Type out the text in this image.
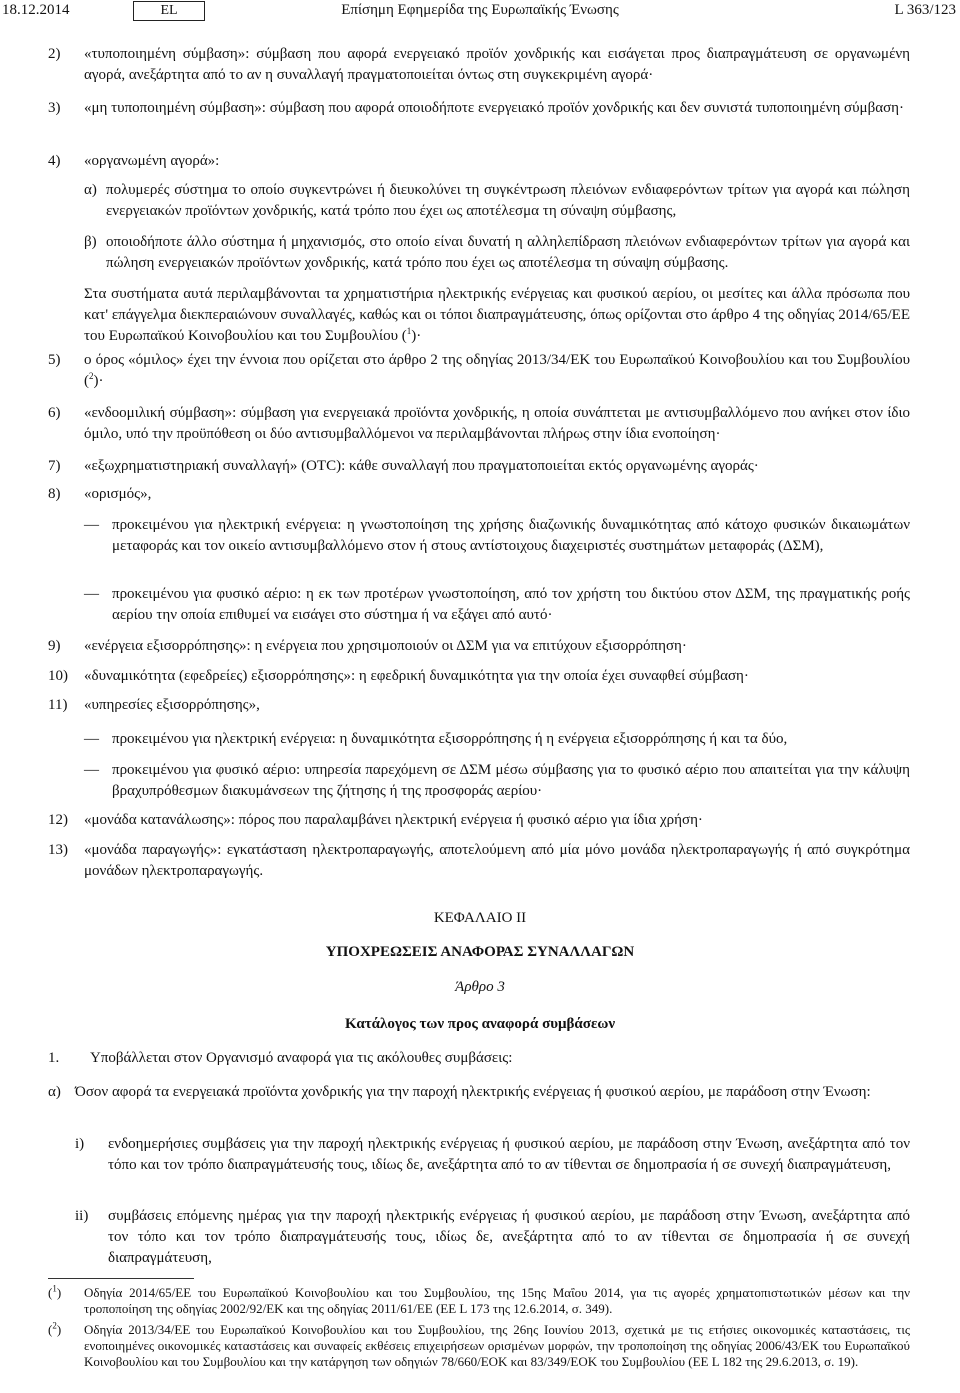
18.12.2014	Επίσημη Εφημερίδα της Ευρωπαϊκής Ένωσης
EL	L 363/123
2) «τυποποιημένη σύμβαση»: σύμβαση που αφορά ενεργειακό προϊόν χονδρικής και εισάγεται προς διαπραγμάτευση σε οργανωμένη αγορά, ανεξάρτητα από το αν η συναλλαγή πραγματοποιείται όντως στη συγκεκριμένη αγορά·
3) «μη τυποποιημένη σύμβαση»: σύμβαση που αφορά οποιοδήποτε ενεργειακό προϊόν χονδρικής και δεν συνιστά τυποποιημένη σύμβαση·
4) «οργανωμένη αγορά»:
α) πολυμερές σύστημα το οποίο συγκεντρώνει ή διευκολύνει τη συγκέντρωση πλειόνων ενδιαφερόντων τρίτων για αγορά και πώληση ενεργειακών προϊόντων χονδρικής, κατά τρόπο που έχει ως αποτέλεσμα τη σύναψη σύμβασης,
β) οποιοδήποτε άλλο σύστημα ή μηχανισμός, στο οποίο είναι δυνατή η αλληλεπίδραση πλειόνων ενδιαφερόντων τρίτων για αγορά και πώληση ενεργειακών προϊόντων χονδρικής, κατά τρόπο που έχει ως αποτέλεσμα τη σύναψη σύμβασης.
Στα συστήματα αυτά περιλαμβάνονται τα χρηματιστήρια ηλεκτρικής ενέργειας και φυσικού αερίου, οι μεσίτες και άλλα πρόσωπα που κατ' επάγγελμα διεκπεραιώνουν συναλλαγές, καθώς και οι τόποι διαπραγμάτευσης, όπως ορίζονται στο άρθρο 4 της οδηγίας 2014/65/ΕΕ του Ευρωπαϊκού Κοινοβουλίου και του Συμβουλίου ($^1$)·
5) ο όρος «όμιλος» έχει την έννοια που ορίζεται στο άρθρο 2 της οδηγίας 2013/34/ΕΚ του Ευρωπαϊκού Κοινοβουλίου και του Συμβουλίου ($^2$)·
6) «ενδοομιλική σύμβαση»: σύμβαση για ενεργειακά προϊόντα χονδρικής, η οποία συνάπτεται με αντισυμβαλλόμενο που ανήκει στον ίδιο όμιλο, υπό την προϋπόθεση οι δύο αντισυμβαλλόμενοι να περιλαμβάνονται πλήρως στην ίδια ενοποίηση·
7) «εξωχρηματιστηριακή συναλλαγή» (OTC): κάθε συναλλαγή που πραγματοποιείται εκτός οργανωμένης αγοράς·
8) «ορισμός»,
— προκειμένου για ηλεκτρική ενέργεια: η γνωστοποίηση της χρήσης διαζωνικής δυναμικότητας από κάτοχο φυσικών δικαιωμάτων μεταφοράς και τον οικείο αντισυμβαλλόμενο στον ή στους αντίστοιχους διαχειριστές συστημάτων μεταφοράς (ΔΣΜ),
— προκειμένου για φυσικό αέριο: η εκ των προτέρων γνωστοποίηση, από τον χρήστη του δικτύου στον ΔΣΜ, της πραγματικής ροής αερίου την οποία επιθυμεί να εισάγει στο σύστημα ή να εξάγει από αυτό·
9) «ενέργεια εξισορρόπησης»: η ενέργεια που χρησιμοποιούν οι ΔΣΜ για να επιτύχουν εξισορρόπηση·
10) «δυναμικότητα (εφεδρείες) εξισορρόπησης»: η εφεδρική δυναμικότητα για την οποία έχει συναφθεί σύμβαση·
11) «υπηρεσίες εξισορρόπησης»,
— προκειμένου για ηλεκτρική ενέργεια: η δυναμικότητα εξισορρόπησης ή η ενέργεια εξισορρόπησης ή και τα δύο,
— προκειμένου για φυσικό αέριο: υπηρεσία παρεχόμενη σε ΔΣΜ μέσω σύμβασης για το φυσικό αέριο που απαιτείται για την κάλυψη βραχυπρόθεσμων διακυμάνσεων της ζήτησης ή της προσφοράς αερίου·
12) «μονάδα κατανάλωσης»: πόρος που παραλαμβάνει ηλεκτρική ενέργεια ή φυσικό αέριο για ίδια χρήση·
13) «μονάδα παραγωγής»: εγκατάσταση ηλεκτροπαραγωγής, αποτελούμενη από μία μόνο μονάδα ηλεκτροπαραγωγής ή από συγκρότημα μονάδων ηλεκτροπαραγωγής.
ΚΕΦΑΛΑΙΟ II
ΥΠΟΧΡΕΩΣΕΙΣ ΑΝΑΦΟΡΑΣ ΣΥΝΑΛΛΑΓΩΝ
Άρθρο 3
Κατάλογος των προς αναφορά συμβάσεων
1. Υποβάλλεται στον Οργανισμό αναφορά για τις ακόλουθες συμβάσεις:
α) Όσον αφορά τα ενεργειακά προϊόντα χονδρικής για την παροχή ηλεκτρικής ενέργειας ή φυσικού αερίου, με παράδοση στην Ένωση:
i) ενδοημερήσιες συμβάσεις για την παροχή ηλεκτρικής ενέργειας ή φυσικού αερίου, με παράδοση στην Ένωση, ανεξάρτητα από τον τόπο και τον τρόπο διαπραγμάτευσής τους, ιδίως δε, ανεξάρτητα από το αν τίθενται σε δημοπρασία ή σε συνεχή διαπραγμάτευση,
ii) συμβάσεις επόμενης ημέρας για την παροχή ηλεκτρικής ενέργειας ή φυσικού αερίου, με παράδοση στην Ένωση, ανεξάρτητα από τον τόπο και τον τρόπο διαπραγμάτευσής τους, ιδίως δε, ανεξάρτητα από το αν τίθενται σε δημοπρασία ή σε συνεχή διαπραγμάτευση,
($^1$) Οδηγία 2014/65/ΕΕ του Ευρωπαϊκού Κοινοβουλίου και του Συμβουλίου, της 15ης Μαΐου 2014, για τις αγορές χρηματοπιστωτικών μέσων και την τροποποίηση της οδηγίας 2002/92/ΕΚ και της οδηγίας 2011/61/ΕΕ (ΕΕ L 173 της 12.6.2014, σ. 349).
($^2$) Οδηγία 2013/34/ΕΕ του Ευρωπαϊκού Κοινοβουλίου και του Συμβουλίου, της 26ης Ιουνίου 2013, σχετικά με τις ετήσιες οικονομικές καταστάσεις, τις ενοποιημένες οικονομικές καταστάσεις και συναφείς εκθέσεις επιχειρήσεων ορισμένων μορφών, την τροποποίηση της οδηγίας 2006/43/ΕΚ του Ευρωπαϊκού Κοινοβουλίου και του Συμβουλίου και την κατάργηση των οδηγιών 78/660/ΕΟΚ και 83/349/ΕΟΚ του Συμβουλίου (ΕΕ L 182 της 29.6.2013, σ. 19).
